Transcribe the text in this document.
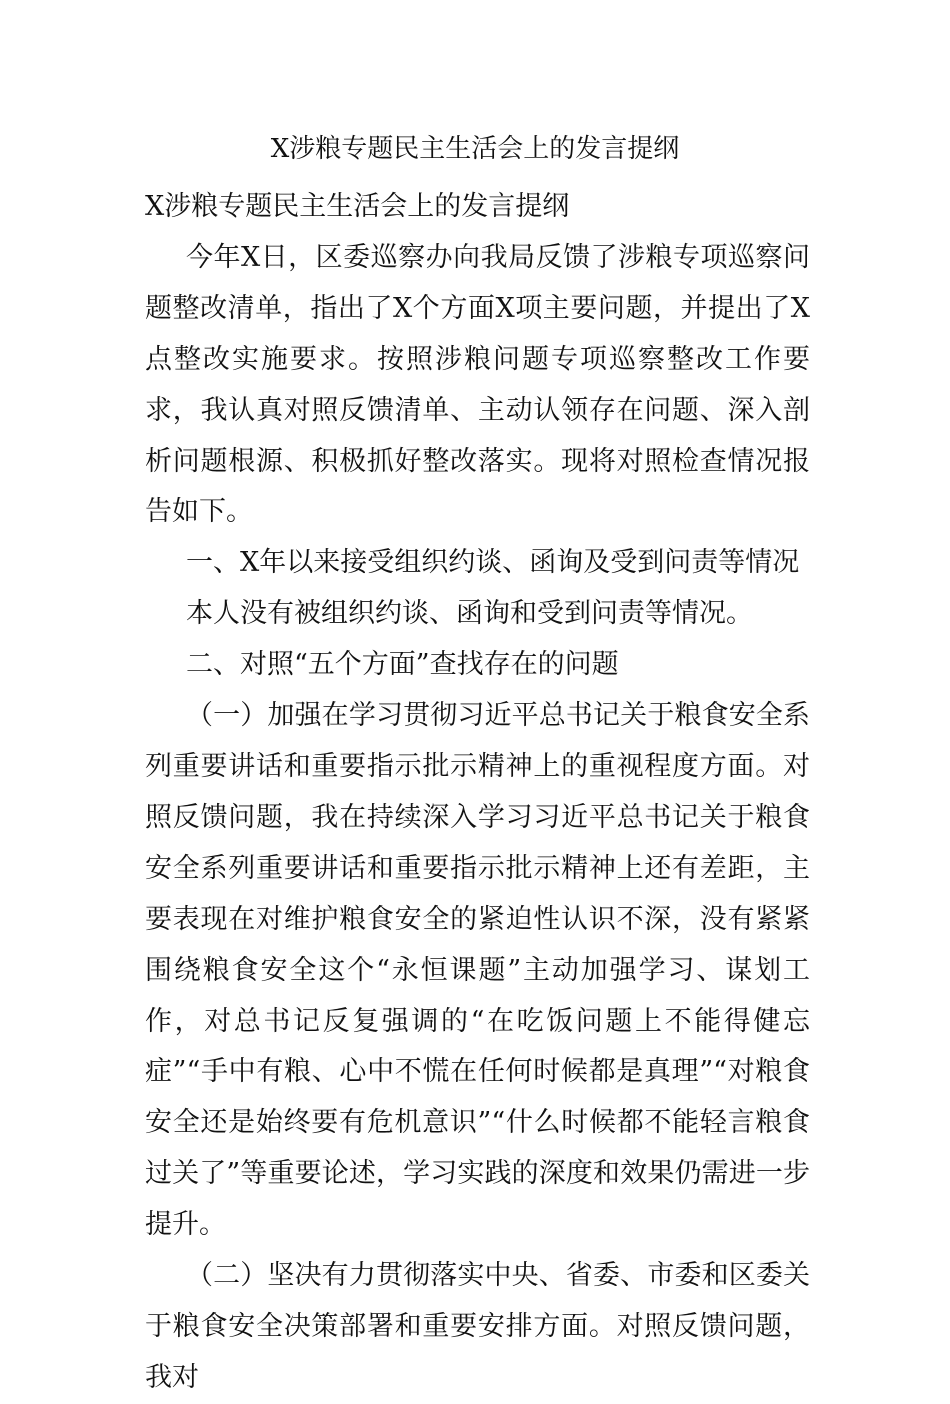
X涉粮专题民主生活会上的发言提纲

X涉粮专题民主生活会上的发言提纲

今年X日，区委巡察办向我局反馈了涉粮专项巡察问题整改清单，指出了X个方面X项主要问题，并提出了X点整改实施要求。按照涉粮问题专项巡察整改工作要求，我认真对照反馈清单、主动认领存在问题、深入剖析问题根源、积极抓好整改落实。现将对照检查情况报告如下。

一、X年以来接受组织约谈、函询及受到问责等情况

本人没有被组织约谈、函询和受到问责等情况。

二、对照“五个方面”查找存在的问题

（一）加强在学习贯彻习近平总书记关于粮食安全系列重要讲话和重要指示批示精神上的重视程度方面。对照反馈问题，我在持续深入学习习近平总书记关于粮食安全系列重要讲话和重要指示批示精神上还有差距，主要表现在对维护粮食安全的紧迫性认识不深，没有紧紧围绕粮食安全这个“永恒课题”主动加强学习、谋划工作，对总书记反复强调的“在吃饭问题上不能得健忘症”“手中有粮、心中不慌在任何时候都是真理”“对粮食安全还是始终要有危机意识”“什么时候都不能轻言粮食过关了”等重要论述，学习实践的深度和效果仍需进一步提升。

（二）坚决有力贯彻落实中央、省委、市委和区委关于粮食安全决策部署和重要安排方面。对照反馈问题，我对
